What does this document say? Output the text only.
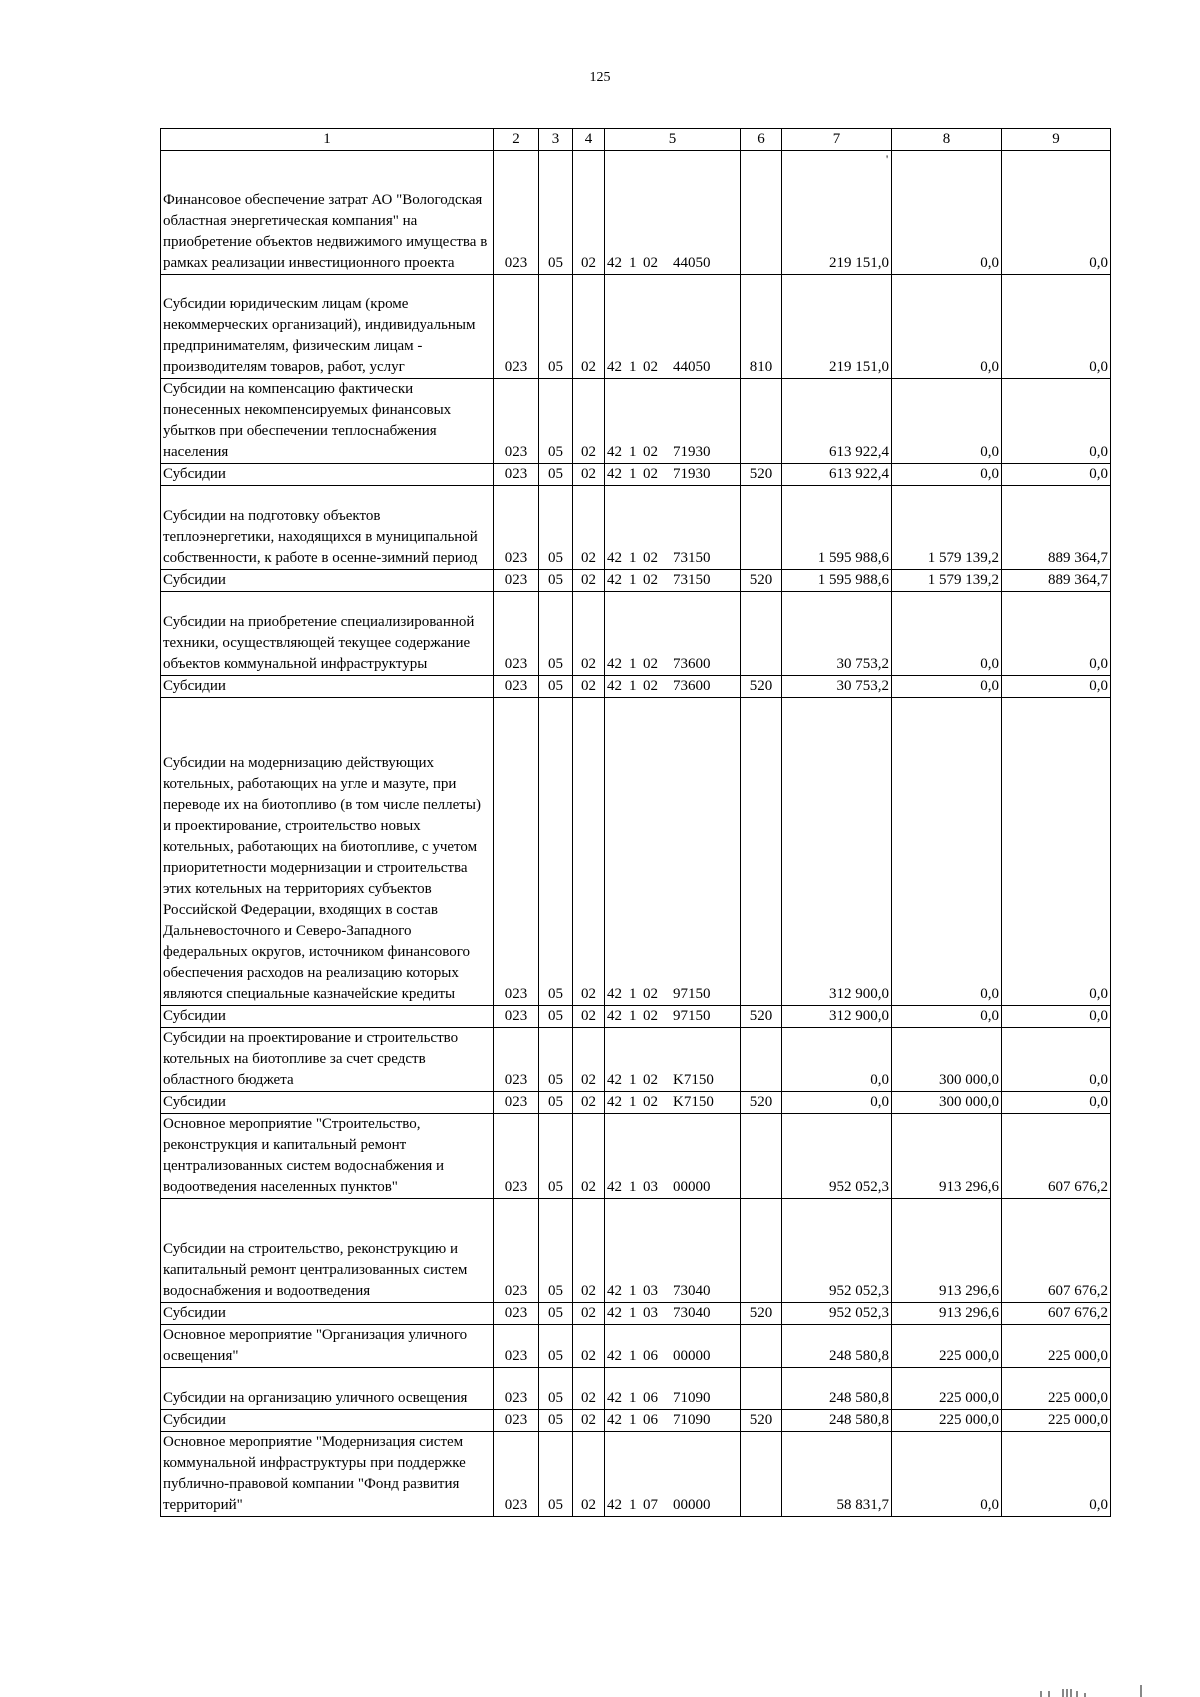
125
'
1	2	3	4	5	6	7	8	9
Финансовое обеспечение затрат АО "Вологодская областная энергетическая компания" на приобретение объектов недвижимого имущества в рамках реализации инвестиционного проекта	023	05	02	42 1 02 44050		219 151,0	0,0	0,0
Субсидии юридическим лицам (кроме некоммерческих организаций), индивидуальным предпринимателям, физическим лицам - производителям товаров, работ, услуг	023	05	02	42 1 02 44050	810	219 151,0	0,0	0,0
Субсидии на компенсацию фактически понесенных некомпенсируемых финансовых убытков при обеспечении теплоснабжения населения	023	05	02	42 1 02 71930		613 922,4	0,0	0,0
Субсидии	023	05	02	42 1 02 71930	520	613 922,4	0,0	0,0
Субсидии на подготовку объектов теплоэнергетики, находящихся в муниципальной собственности, к работе в осенне-зимний период	023	05	02	42 1 02 73150		1 595 988,6	1 579 139,2	889 364,7
Субсидии	023	05	02	42 1 02 73150	520	1 595 988,6	1 579 139,2	889 364,7
Субсидии на приобретение специализированной техники, осуществляющей текущее содержание объектов коммунальной инфраструктуры	023	05	02	42 1 02 73600		30 753,2	0,0	0,0
Субсидии	023	05	02	42 1 02 73600	520	30 753,2	0,0	0,0
Субсидии на модернизацию действующих котельных, работающих на угле и мазуте, при переводе их на биотопливо (в том числе пеллеты) и проектирование, строительство новых котельных, работающих на биотопливе, с учетом приоритетности модернизации и строительства этих котельных на территориях субъектов Российской Федерации, входящих в состав Дальневосточного и Северо-Западного федеральных округов, источником финансового обеспечения расходов на реализацию которых являются специальные казначейские кредиты	023	05	02	42 1 02 97150		312 900,0	0,0	0,0
Субсидии	023	05	02	42 1 02 97150	520	312 900,0	0,0	0,0
Субсидии на проектирование и строительство котельных на биотопливе за счет средств областного бюджета	023	05	02	42 1 02 K7150		0,0	300 000,0	0,0
Субсидии	023	05	02	42 1 02 K7150	520	0,0	300 000,0	0,0
Основное мероприятие "Строительство, реконструкция и капитальный ремонт централизованных систем водоснабжения и водоотведения населенных пунктов"	023	05	02	42 1 03 00000		952 052,3	913 296,6	607 676,2
Субсидии на строительство, реконструкцию и капитальный ремонт централизованных систем водоснабжения и водоотведения	023	05	02	42 1 03 73040		952 052,3	913 296,6	607 676,2
Субсидии	023	05	02	42 1 03 73040	520	952 052,3	913 296,6	607 676,2
Основное мероприятие "Организация уличного освещения"	023	05	02	42 1 06 00000		248 580,8	225 000,0	225 000,0
Субсидии на организацию уличного освещения	023	05	02	42 1 06 71090		248 580,8	225 000,0	225 000,0
Субсидии	023	05	02	42 1 06 71090	520	248 580,8	225 000,0	225 000,0
Основное мероприятие "Модернизация систем коммунальной инфраструктуры при поддержке публично-правовой компании "Фонд развития территорий"	023	05	02	42 1 07 00000		58 831,7	0,0	0,0
